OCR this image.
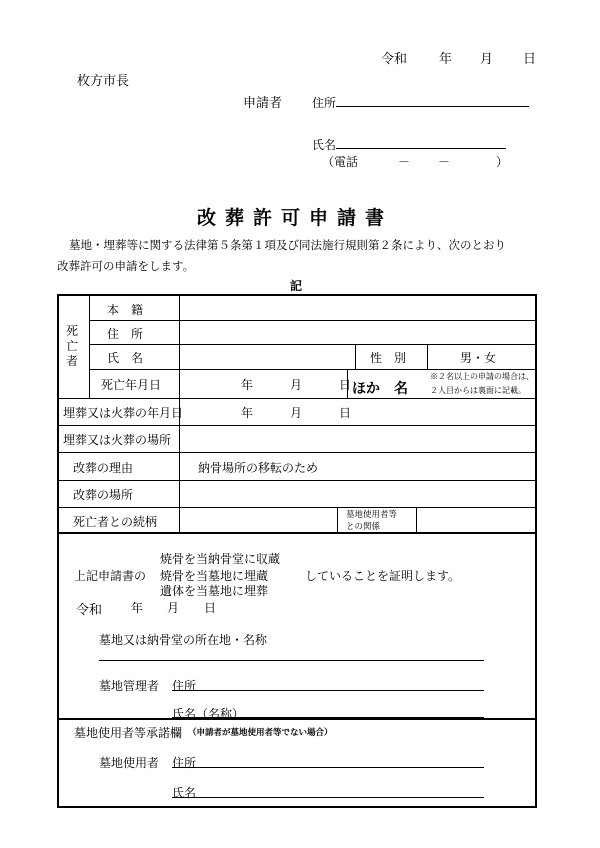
令和 年 月 日
枚方市長
申請者 住所
氏名
（電話	－ －	）
改葬許可申請書
墓地・埋葬等に関する法律第５条第１項及び同法施行規則第２条により、次のとおり
改葬許可の申請をします。
記
死
亡
者
本　籍
住　所
氏　名	性　別	男・女
死亡年月日	年	月	日 ほか　名
※２名以上の申請の場合は、
２人目からは裏面に記載。
埋葬又は火葬の年月日	年	月	日
埋葬又は火葬の場所
改葬の理由	納骨場所の移転のため
改葬の場所
死亡者との続柄	墓地使用者等
との関係
焼骨を当納骨堂に収蔵
上記申請書の 焼骨を当墓地に埋蔵	していることを証明します。
遺体を当墓地に埋葬
令和 年 月 日
墓地又は納骨堂の所在地・名称
墓地管理者 住所
氏名（名称）
墓地使用者等承諾欄 （申請者が墓地使用者等でない場合）
墓地使用者 住所
氏名
